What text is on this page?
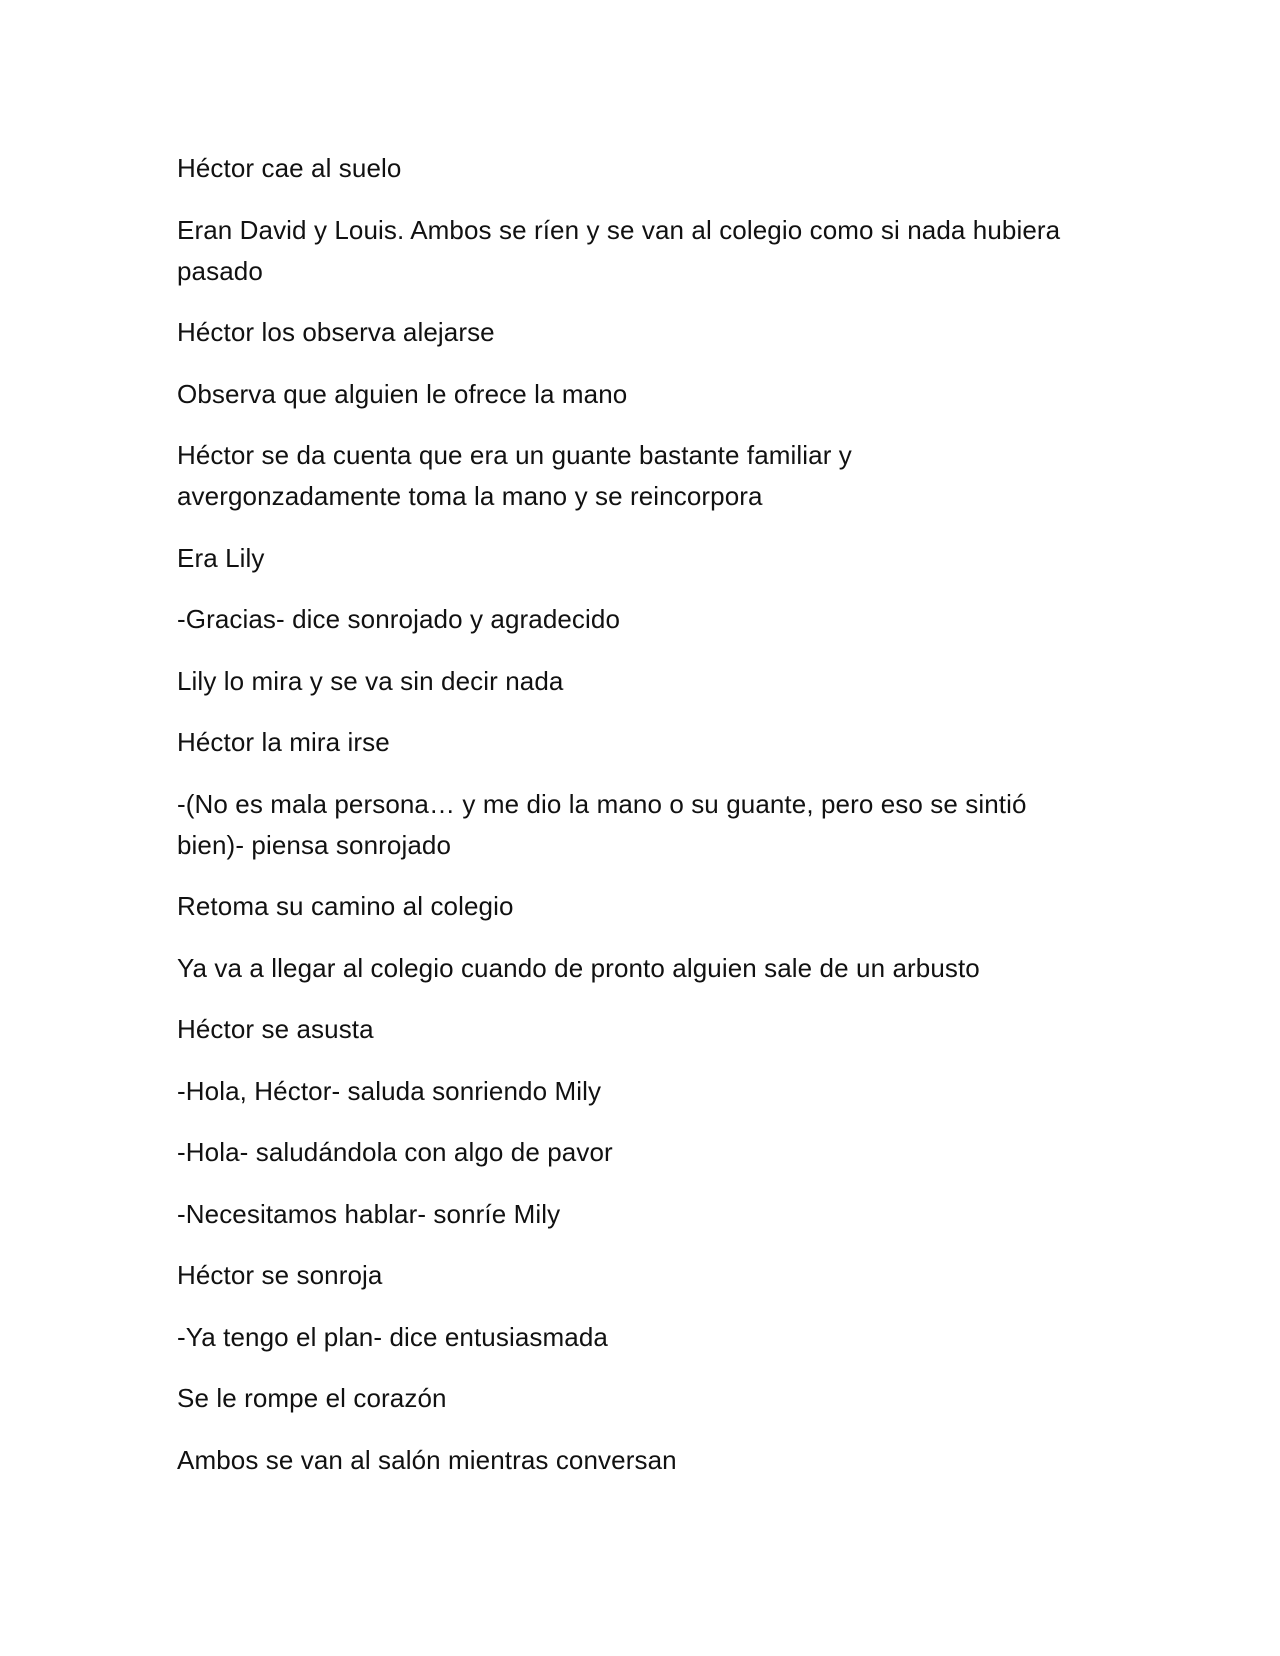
Héctor cae al suelo

Eran David y Louis. Ambos se ríen y se van al colegio como si nada hubiera pasado

Héctor los observa alejarse

Observa que alguien le ofrece la mano

Héctor se da cuenta que era un guante bastante familiar y avergonzadamente toma la mano y se reincorpora

Era Lily

-Gracias- dice sonrojado y agradecido

Lily lo mira y se va sin decir nada

Héctor la mira irse

-(No es mala persona… y me dio la mano o su guante, pero eso se sintió bien)- piensa sonrojado

Retoma su camino al colegio

Ya va a llegar al colegio cuando de pronto alguien sale de un arbusto

Héctor se asusta

-Hola, Héctor- saluda sonriendo Mily

-Hola- saludándola con algo de pavor

-Necesitamos hablar- sonríe Mily

Héctor se sonroja

-Ya tengo el plan- dice entusiasmada

Se le rompe el corazón

Ambos se van al salón mientras conversan
